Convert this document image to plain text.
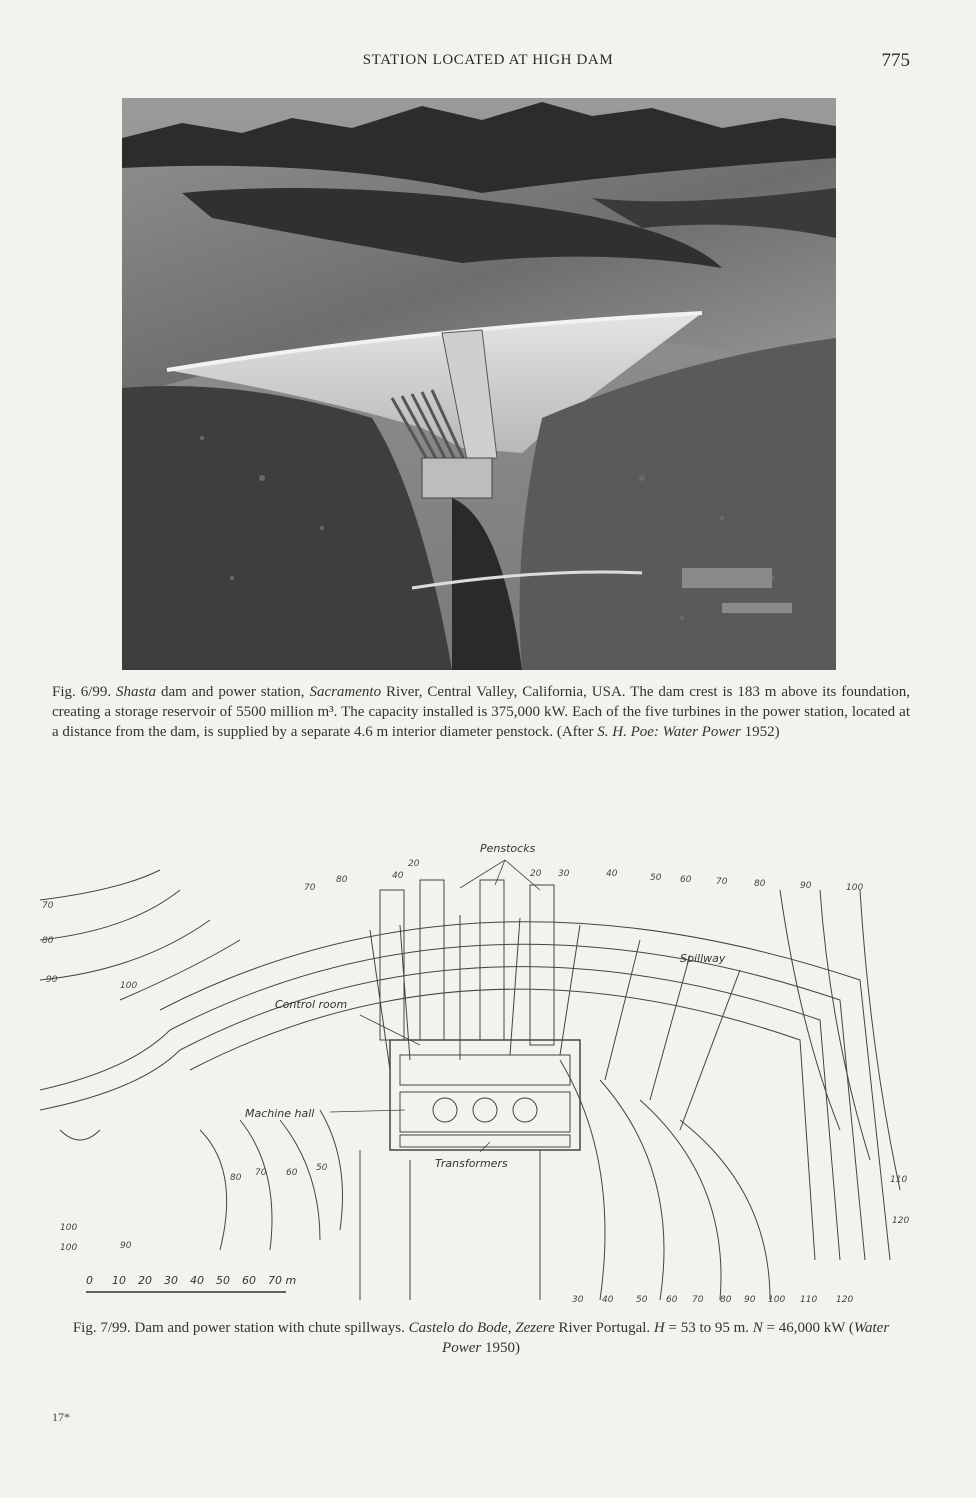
STATION LOCATED AT HIGH DAM	775
Fig. 6/99. Shasta dam and power station, Sacramento River, Central Valley, California, USA. The dam crest is 183 m above its foundation, creating a storage reservoir of 5500 million m³. The capacity installed is 375,000 kW. Each of the five turbines in the power station, located at a distance from the dam, is supplied by a separate 4.6 m interior diameter penstock. (After S. H. Poe: Water Power 1952)
Penstocks
Spillway
Control room
Machine hall
Transformers
70
80
90
100
100
70
80	40
20
20 30	40	50 60	70	80	90	100
80 70 60 50
100	90
110
120
30 40	50 60 70 80 90 100 110 120
0 10 20 30 40 50 60 70 m
Fig. 7/99. Dam and power station with chute spillways. Castelo do Bode, Zezere River Portugal. H = 53 to 95 m. N = 46,000 kW (Water Power 1950)
17*
